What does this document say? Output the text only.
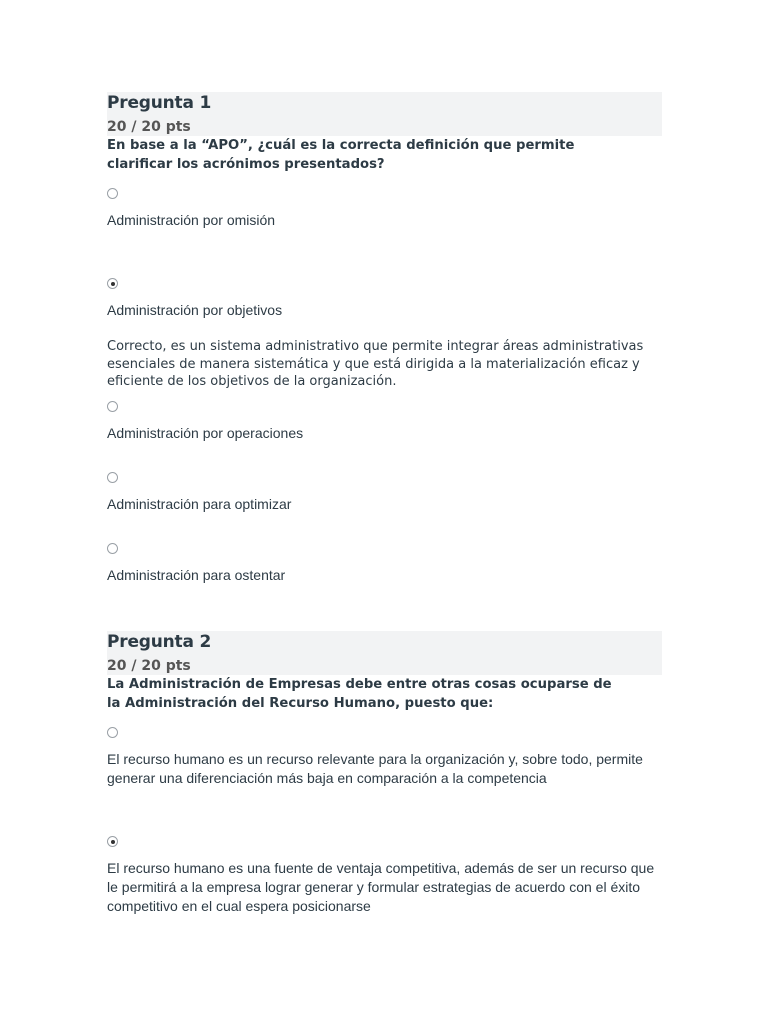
Pregunta 1
20 / 20 pts
En base a la “APO”, ¿cuál es la correcta definición que permite clarificar los acrónimos presentados?
Administración por omisión
Administración por objetivos
Correcto, es un sistema administrativo que permite integrar áreas administrativas esenciales de manera sistemática y que está dirigida a la materialización eficaz y eficiente de los objetivos de la organización.
Administración por operaciones
Administración para optimizar
Administración para ostentar
Pregunta 2
20 / 20 pts
La Administración de Empresas debe entre otras cosas ocuparse de la Administración del Recurso Humano, puesto que:
El recurso humano es un recurso relevante para la organización y, sobre todo, permite generar una diferenciación más baja en comparación a la competencia
El recurso humano es una fuente de ventaja competitiva, además de ser un recurso que le permitirá a la empresa lograr generar y formular estrategias de acuerdo con el éxito competitivo en el cual espera posicionarse
